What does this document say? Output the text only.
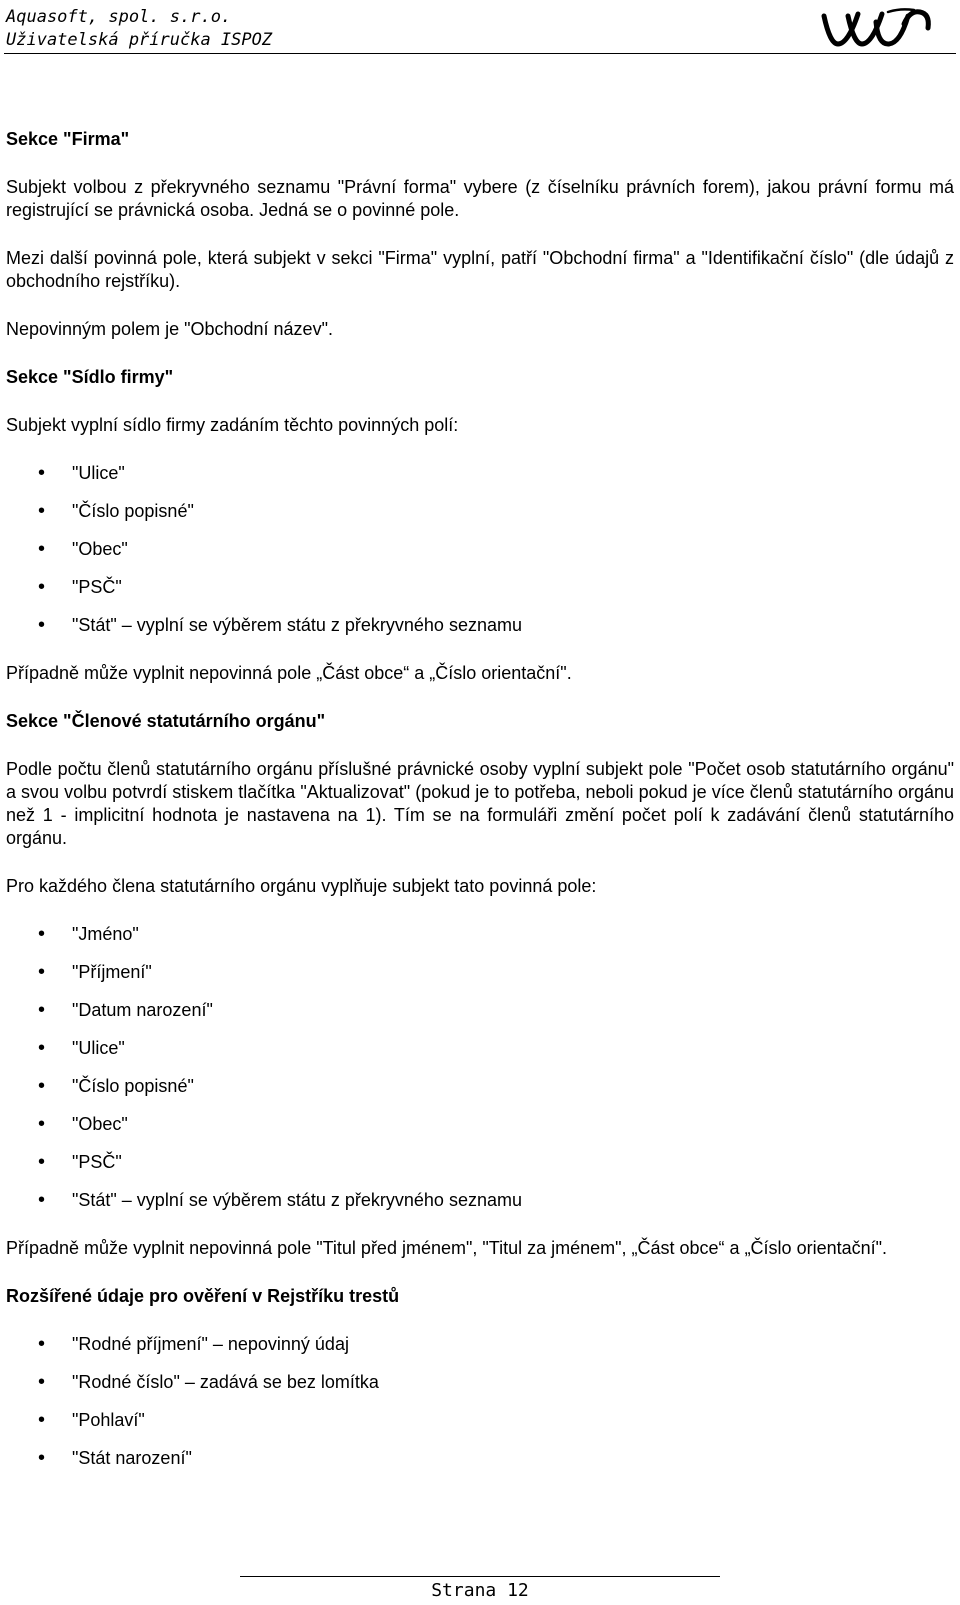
Aquasoft, spol. s.r.o.
Uživatelská příručka ISPOZ
Sekce "Firma"

Subjekt volbou z překryvného seznamu "Právní forma" vybere (z číselníku právních forem), jakou právní formu má registrující se právnická osoba. Jedná se o povinné pole.

Mezi další povinná pole, která subjekt v sekci "Firma" vyplní, patří "Obchodní firma" a "Identifikační číslo" (dle údajů z obchodního rejstříku).

Nepovinným polem je "Obchodní název".

Sekce "Sídlo firmy"

Subjekt vyplní sídlo firmy zadáním těchto povinných polí:

• "Ulice"
• "Číslo popisné"
• "Obec"
• "PSČ"
• "Stát" – vyplní se výběrem státu z překryvného seznamu

Případně může vyplnit nepovinná pole „Část obce“ a „Číslo orientační".

Sekce "Členové statutárního orgánu"

Podle počtu členů statutárního orgánu příslušné právnické osoby vyplní subjekt pole "Počet osob statutárního orgánu" a svou volbu potvrdí stiskem tlačítka "Aktualizovat" (pokud je to potřeba, neboli pokud je více členů statutárního orgánu než 1 - implicitní hodnota je nastavena na 1). Tím se na formuláři změní počet polí k zadávání členů statutárního orgánu.

Pro každého člena statutárního orgánu vyplňuje subjekt tato povinná pole:

• "Jméno"
• "Příjmení"
• "Datum narození"
• "Ulice"
• "Číslo popisné"
• "Obec"
• "PSČ"
• "Stát" – vyplní se výběrem státu z překryvného seznamu

Případně může vyplnit nepovinná pole "Titul před jménem", "Titul za jménem", „Část obce“ a „Číslo orientační".

Rozšířené údaje pro ověření v Rejstříku trestů
• "Rodné příjmení" – nepovinný údaj
• "Rodné číslo" – zadává se bez lomítka
• "Pohlaví"
• "Stát narození"
Strana 12
